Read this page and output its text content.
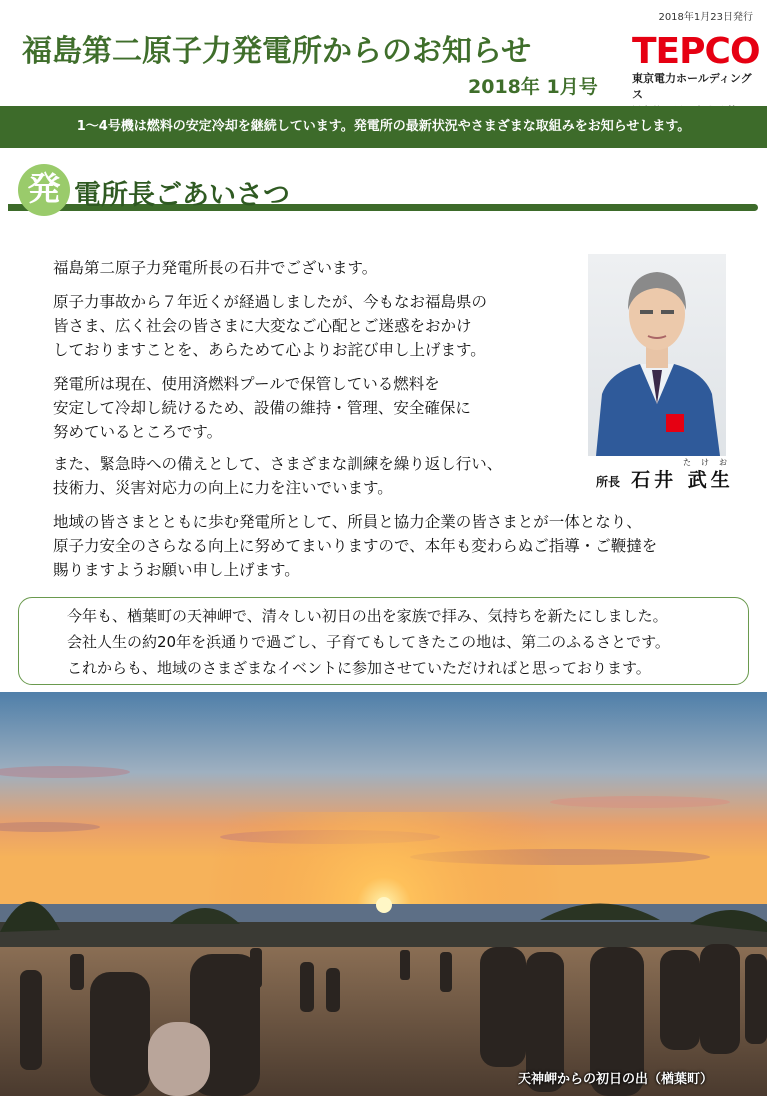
2018年1月23日発行
福島第二原子力発電所からのお知らせ
2018年 1月号
TEPCO
東京電力ホールディングス
1〜4号機は燃料の安定冷却を継続しています。発電所の最新状況やさまざまな取組みをお知らせします。
発 電所長ごあいさつ
福島第二原子力発電所長の石井でございます。
原子力事故から７年近くが経過しましたが、今もなお福島県の
皆さま、広く社会の皆さまに大変なご心配とご迷惑をおかけ
しておりますことを、あらためて心よりお詫び申し上げます。
発電所は現在、使用済燃料プールで保管している燃料を
安定して冷却し続けるため、設備の維持・管理、安全確保に
努めているところです。
また、緊急時への備えとして、さまざまな訓練を繰り返し行い、
技術力、災害対応力の向上に力を注いでいます。
地域の皆さまとともに歩む発電所として、所員と協力企業の皆さまとが一体となり、
原子力安全のさらなる向上に努めてまいりますので、本年も変わらぬご指導・ご鞭撻を
賜りますようお願い申し上げます。
たけお
所長 石井 武生
今年も、楢葉町の天神岬で、清々しい初日の出を家族で拝み、気持ちを新たにしました。
会社人生の約20年を浜通りで過ごし、子育てもしてきたこの地は、第二のふるさとです。
これからも、地域のさまざまなイベントに参加させていただければと思っております。
天神岬からの初日の出（楢葉町）
